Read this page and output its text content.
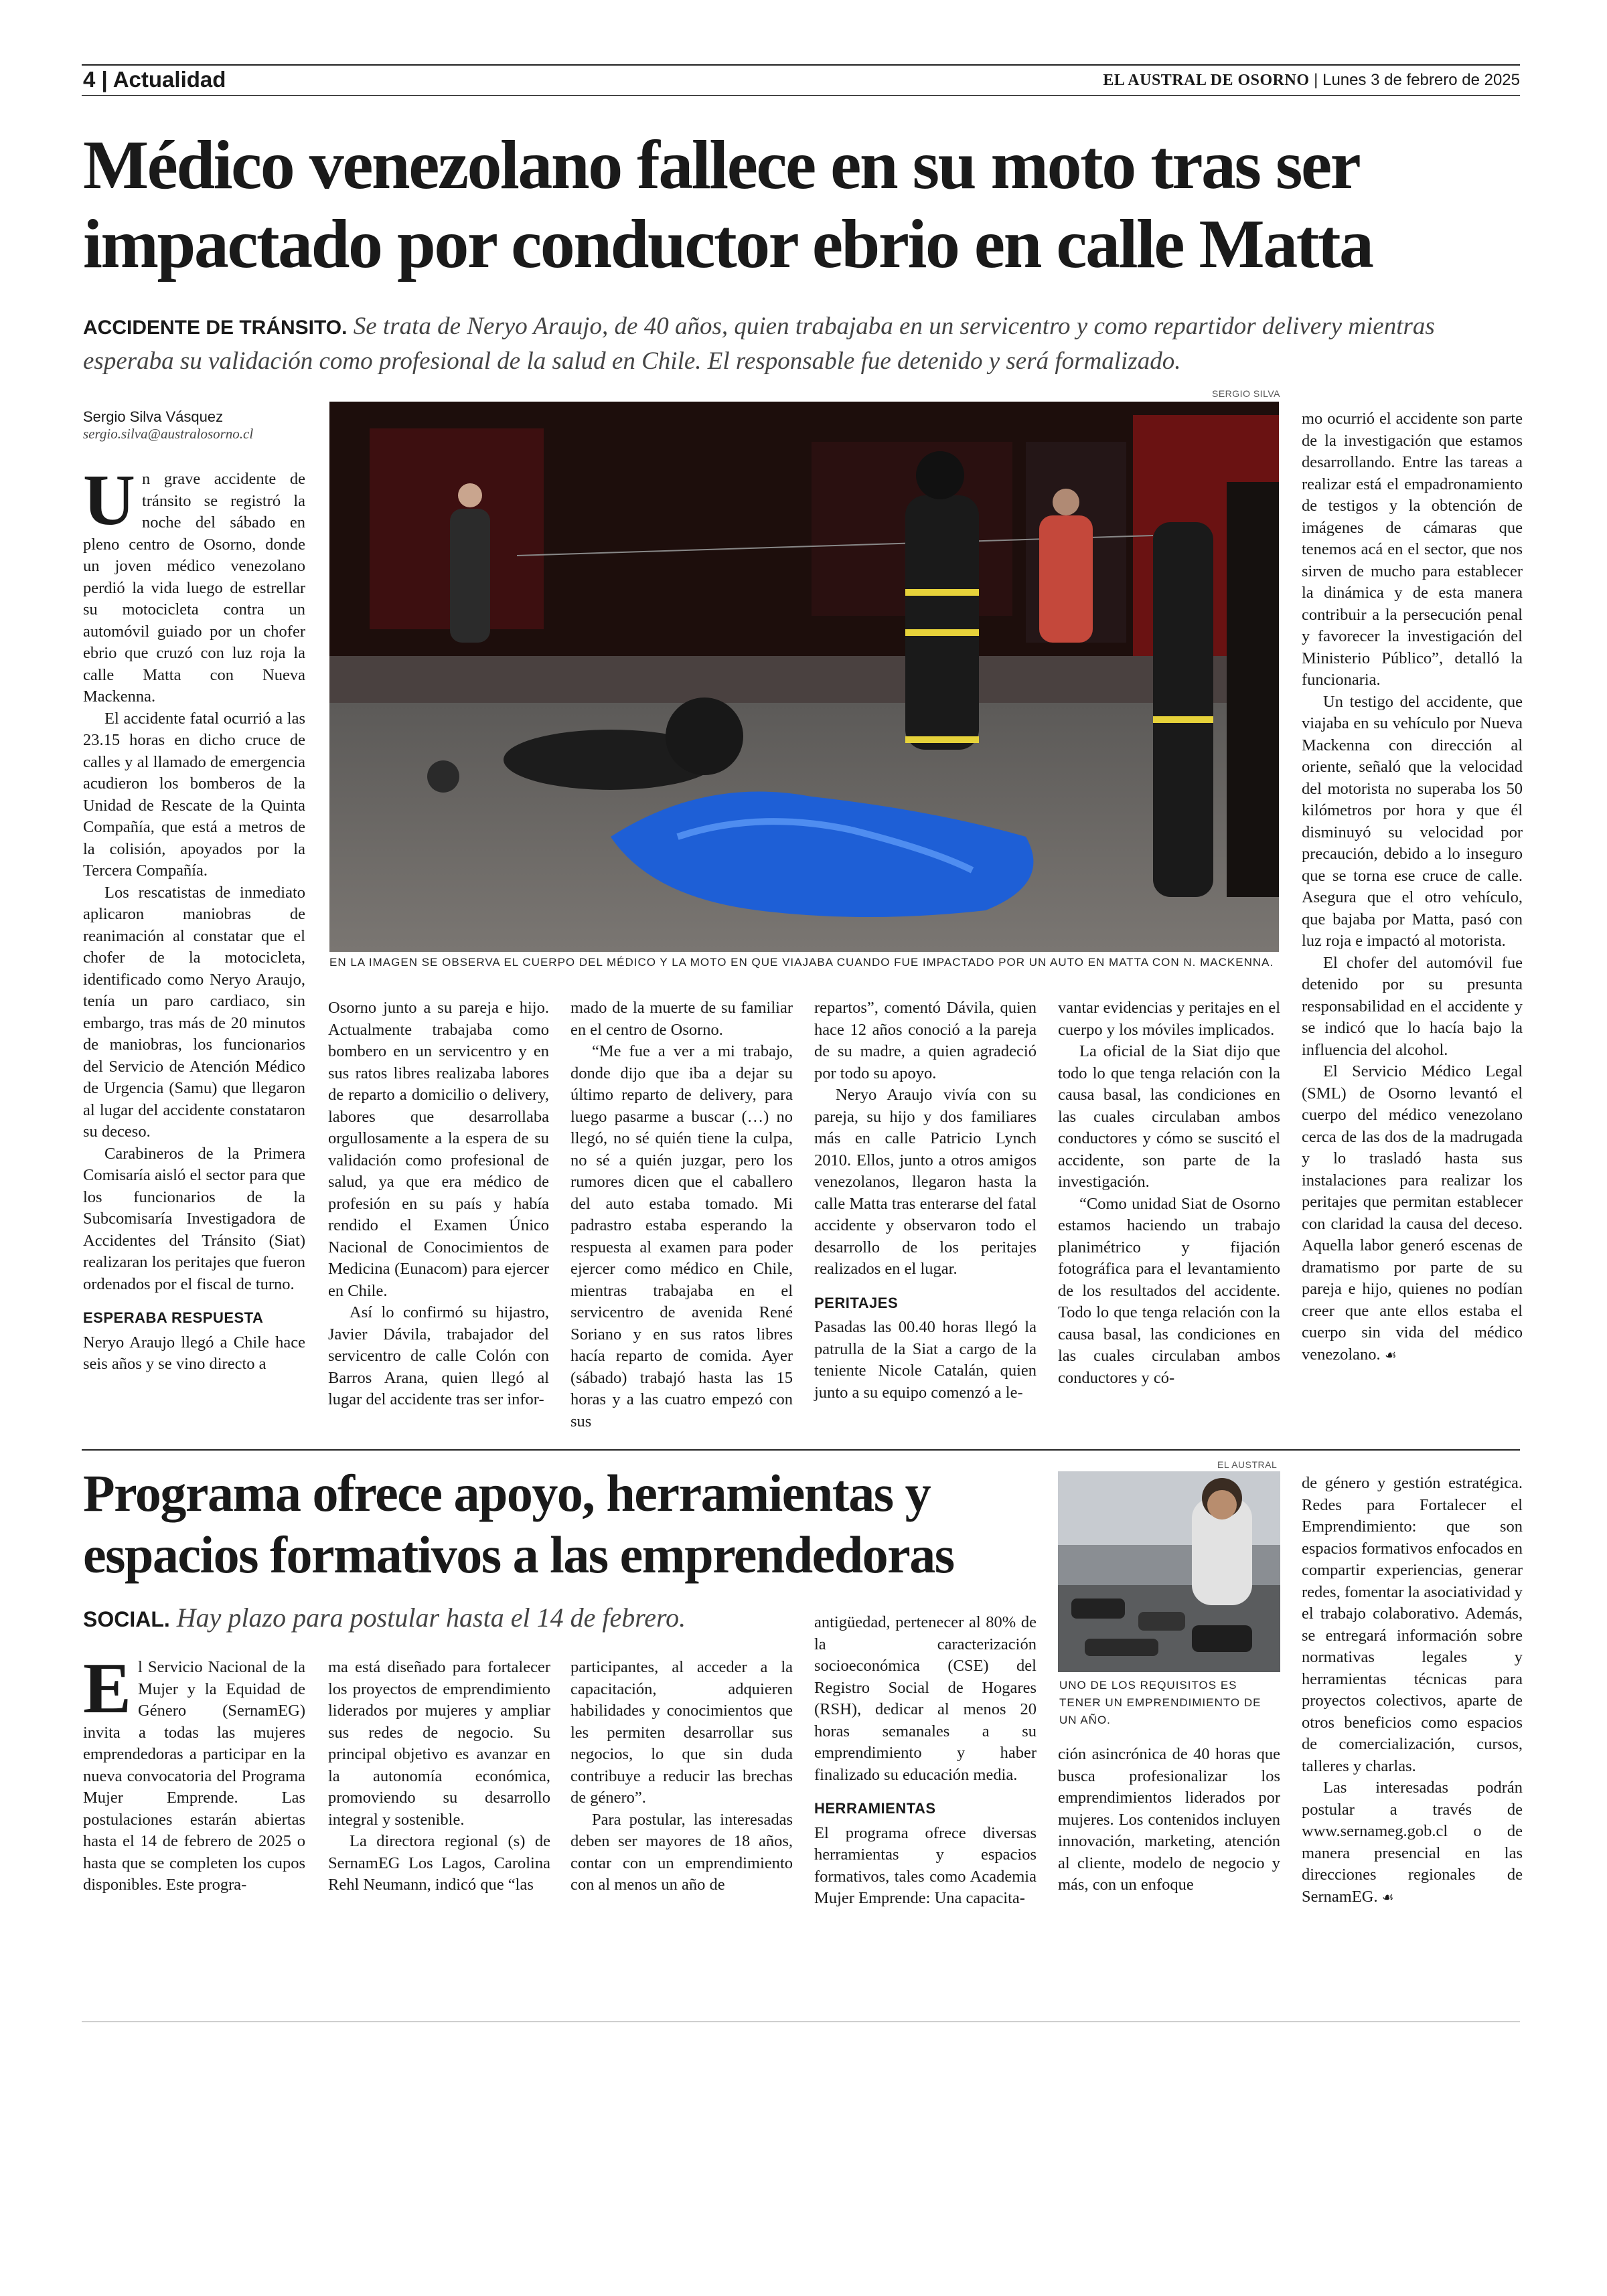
4 | Actualidad	EL AUSTRAL DE OSORNO | Lunes 3 de febrero de 2025
Médico venezolano fallece en su moto tras ser impactado por conductor ebrio en calle Matta
ACCIDENTE DE TRÁNSITO. Se trata de Neryo Araujo, de 40 años, quien trabajaba en un servicentro y como repartidor delivery mientras esperaba su validación como profesional de la salud en Chile. El responsable fue detenido y será formalizado.
Sergio Silva Vásquez
sergio.silva@australosorno.cl
SERGIO SILVA
EN LA IMAGEN SE OBSERVA EL CUERPO DEL MÉDICO Y LA MOTO EN QUE VIAJABA CUANDO FUE IMPACTADO POR UN AUTO EN MATTA CON N. MACKENNA.

Un grave accidente de tránsito se registró la noche del sábado en pleno centro de Osorno, donde un joven médico venezolano perdió la vida luego de estrellar su motocicleta contra un automóvil guiado por un chofer ebrio que cruzó con luz roja la calle Matta con Nueva Mackenna.

El accidente fatal ocurrió a las 23.15 horas en dicho cruce de calles y al llamado de emergencia acudieron los bomberos de la Unidad de Rescate de la Quinta Compañía, que está a metros de la colisión, apoyados por la Tercera Compañía.

Los rescatistas de inmediato aplicaron maniobras de reanimación al constatar que el chofer de la motocicleta, identificado como Neryo Araujo, tenía un paro cardiaco, sin embargo, tras más de 20 minutos de maniobras, los funcionarios del Servicio de Atención Médico de Urgencia (Samu) que llegaron al lugar del accidente constataron su deceso.

Carabineros de la Primera Comisaría aisló el sector para que los funcionarios de la Subcomisaría Investigadora de Accidentes del Tránsito (Siat) realizaran los peritajes que fueron ordenados por el fiscal de turno.

ESPERABA RESPUESTA

Neryo Araujo llegó a Chile hace seis años y se vino directo a

Osorno junto a su pareja e hijo. Actualmente trabajaba como bombero en un servicentro y en sus ratos libres realizaba labores de reparto a domicilio o delivery, labores que desarrollaba orgullosamente a la espera de su validación como profesional de salud, ya que era médico de profesión en su país y había rendido el Examen Único Nacional de Conocimientos de Medicina (Eunacom) para ejercer en Chile.

Así lo confirmó su hijastro, Javier Dávila, trabajador del servicentro de calle Colón con Barros Arana, quien llegó al lugar del accidente tras ser infor-

mado de la muerte de su familiar en el centro de Osorno.

“Me fue a ver a mi trabajo, donde dijo que iba a dejar su último reparto de delivery, para luego pasarme a buscar (…) no llegó, no sé quién tiene la culpa, no sé a quién juzgar, pero los rumores dicen que el caballero del auto estaba tomado. Mi padrastro estaba esperando la respuesta al examen para poder ejercer como médico en Chile, mientras trabajaba en el servicentro de avenida René Soriano y en sus ratos libres hacía reparto de comida. Ayer (sábado) trabajó hasta las 15 horas y a las cuatro empezó con sus

repartos”, comentó Dávila, quien hace 12 años conoció a la pareja de su madre, a quien agradeció por todo su apoyo.

Neryo Araujo vivía con su pareja, su hijo y dos familiares más en calle Patricio Lynch 2010. Ellos, junto a otros amigos venezolanos, llegaron hasta la calle Matta tras enterarse del fatal accidente y observaron todo el desarrollo de los peritajes realizados en el lugar.

PERITAJES

Pasadas las 00.40 horas llegó la patrulla de la Siat a cargo de la teniente Nicole Catalán, quien junto a su equipo comenzó a le-

vantar evidencias y peritajes en el cuerpo y los móviles implicados.

La oficial de la Siat dijo que todo lo que tenga relación con la causa basal, las condiciones en las cuales circulaban ambos conductores y cómo se suscitó el accidente, son parte de la investigación.

“Como unidad Siat de Osorno estamos haciendo un trabajo planimétrico y fijación fotográfica para el levantamiento de los resultados del accidente. Todo lo que tenga relación con la causa basal, las condiciones en las cuales circulaban ambos conductores y có-

mo ocurrió el accidente son parte de la investigación que estamos desarrollando. Entre las tareas a realizar está el empadronamiento de testigos y la obtención de imágenes de cámaras que tenemos acá en el sector, que nos sirven de mucho para establecer la dinámica y de esta manera contribuir a la persecución penal y favorecer la investigación del Ministerio Público”, detalló la funcionaria.

Un testigo del accidente, que viajaba en su vehículo por Nueva Mackenna con dirección al oriente, señaló que la velocidad del motorista no superaba los 50 kilómetros por hora y que él disminuyó su velocidad por precaución, debido a lo inseguro que se torna ese cruce de calle. Asegura que el otro vehículo, que bajaba por Matta, pasó con luz roja e impactó al motorista.

El chofer del automóvil fue detenido por su presunta responsabilidad en el accidente y se indicó que lo hacía bajo la influencia del alcohol.

El Servicio Médico Legal (SML) de Osorno levantó el cuerpo del médico venezolano cerca de las dos de la madrugada y lo trasladó hasta sus instalaciones para realizar los peritajes que permitan establecer con claridad la causa del deceso. Aquella labor generó escenas de dramatismo por parte de su pareja e hijo, quienes no podían creer que ante ellos estaba el cuerpo sin vida del médico venezolano. ☙

Programa ofrece apoyo, herramientas y espacios formativos a las emprendedoras
SOCIAL. Hay plazo para postular hasta el 14 de febrero.
EL AUSTRAL
UNO DE LOS REQUISITOS ES TENER UN EMPRENDIMIENTO DE UN AÑO.

El Servicio Nacional de la Mujer y la Equidad de Género (SernamEG) invita a todas las mujeres emprendedoras a participar en la nueva convocatoria del Programa Mujer Emprende. Las postulaciones estarán abiertas hasta el 14 de febrero de 2025 o hasta que se completen los cupos disponibles. Este progra-

ma está diseñado para fortalecer los proyectos de emprendimiento liderados por mujeres y ampliar sus redes de negocio. Su principal objetivo es avanzar en la autonomía económica, promoviendo su desarrollo integral y sostenible.

La directora regional (s) de SernamEG Los Lagos, Carolina Rehl Neumann, indicó que “las

participantes, al acceder a la capacitación, adquieren habilidades y conocimientos que les permiten desarrollar sus negocios, lo que sin duda contribuye a reducir las brechas de género”.

Para postular, las interesadas deben ser mayores de 18 años, contar con un emprendimiento con al menos un año de

antigüedad, pertenecer al 80% de la caracterización socioeconómica (CSE) del Registro Social de Hogares (RSH), dedicar al menos 20 horas semanales a su emprendimiento y haber finalizado su educación media.

HERRAMIENTAS

El programa ofrece diversas herramientas y espacios formativos, tales como Academia Mujer Emprende: Una capacita-

ción asincrónica de 40 horas que busca profesionalizar los emprendimientos liderados por mujeres. Los contenidos incluyen innovación, marketing, atención al cliente, modelo de negocio y más, con un enfoque

de género y gestión estratégica. Redes para Fortalecer el Emprendimiento: que son espacios formativos enfocados en compartir experiencias, generar redes, fomentar la asociatividad y el trabajo colaborativo. Además, se entregará información sobre normativas legales y herramientas técnicas para proyectos colectivos, aparte de otros beneficios como espacios de comercialización, cursos, talleres y charlas.

Las interesadas podrán postular a través de www.sernameg.gob.cl o de manera presencial en las direcciones regionales de SernamEG. ☙
